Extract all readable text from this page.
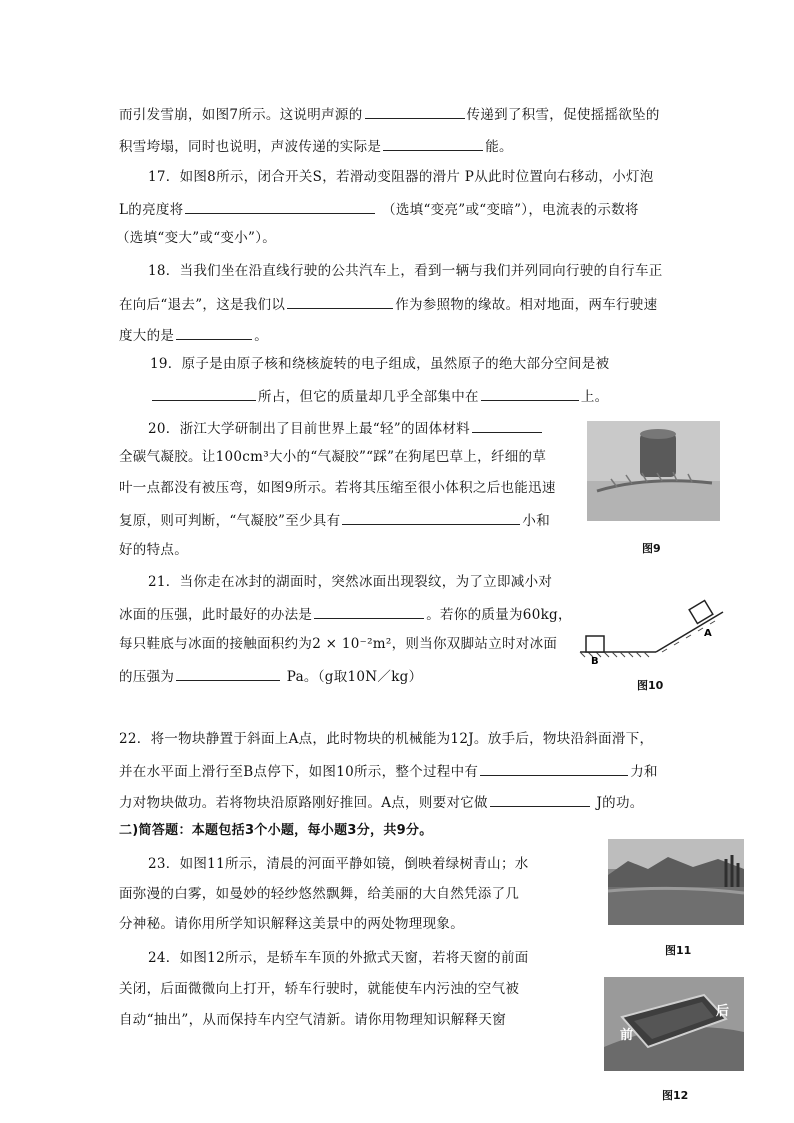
而引发雪崩，如图7所示。这说明声源的	传递到了积雪，促使摇摇欲坠的
积雪垮塌，同时也说明，声波传递的实际是	能。
17．如图8所示，闭合开关S，若滑动变阻器的滑片 P从此时位置向右移动，小灯泡
L的亮度将	（选填“变亮”或“变暗”），电流表的示数将
（选填“变大”或“变小”）。
18．当我们坐在沿直线行驶的公共汽车上，看到一辆与我们并列同向行驶的自行车正
在向后“退去”，这是我们以	作为参照物的缘故。相对地面，两车行驶速
度大的是	。
19．原子是由原子核和绕核旋转的电子组成，虽然原子的绝大部分空间是被
所占，但它的质量却几乎全部集中在	上。
20．浙江大学研制出了目前世界上最“轻”的固体材料
全碳气凝胶。让100cm³大小的“气凝胶”“踩”在狗尾巴草上，纤细的草
叶一点都没有被压弯，如图9所示。若将其压缩至很小体积之后也能迅速
复原，则可判断，“气凝胶”至少具有	小和
好的特点。	图9
21．当你走在冰封的湖面时，突然冰面出现裂纹，为了立即减小对
冰面的压强，此时最好的办法是	。若你的质量为60kg，
每只鞋底与冰面的接触面积约为2 × 10⁻²m²，则当你双脚站立时对冰面
的压强为	Pa。（g取10N／kg）
B
A
图10
22．将一物块静置于斜面上A点，此时物块的机械能为12J。放手后，物块沿斜面滑下，
并在水平面上滑行至B点停下，如图10所示，整个过程中有	力和
力对物块做功。若将物块沿原路刚好推回。A点，则要对它做	J的功。
二)简答题：本题包括3个小题，每小题3分，共9分。
23．如图11所示，清晨的河面平静如镜，倒映着绿树青山；水
面弥漫的白雾，如曼妙的轻纱悠然飘舞，给美丽的大自然凭添了几
分神秘。请你用所学知识解释这美景中的两处物理现象。
图11
24．如图12所示，是轿车车顶的外掀式天窗，若将天窗的前面
关闭，后面微微向上打开，轿车行驶时，就能使车内污浊的空气被
自动“抽出”，从而保持车内空气清新。请你用物理知识解释天窗
前
后
图12
